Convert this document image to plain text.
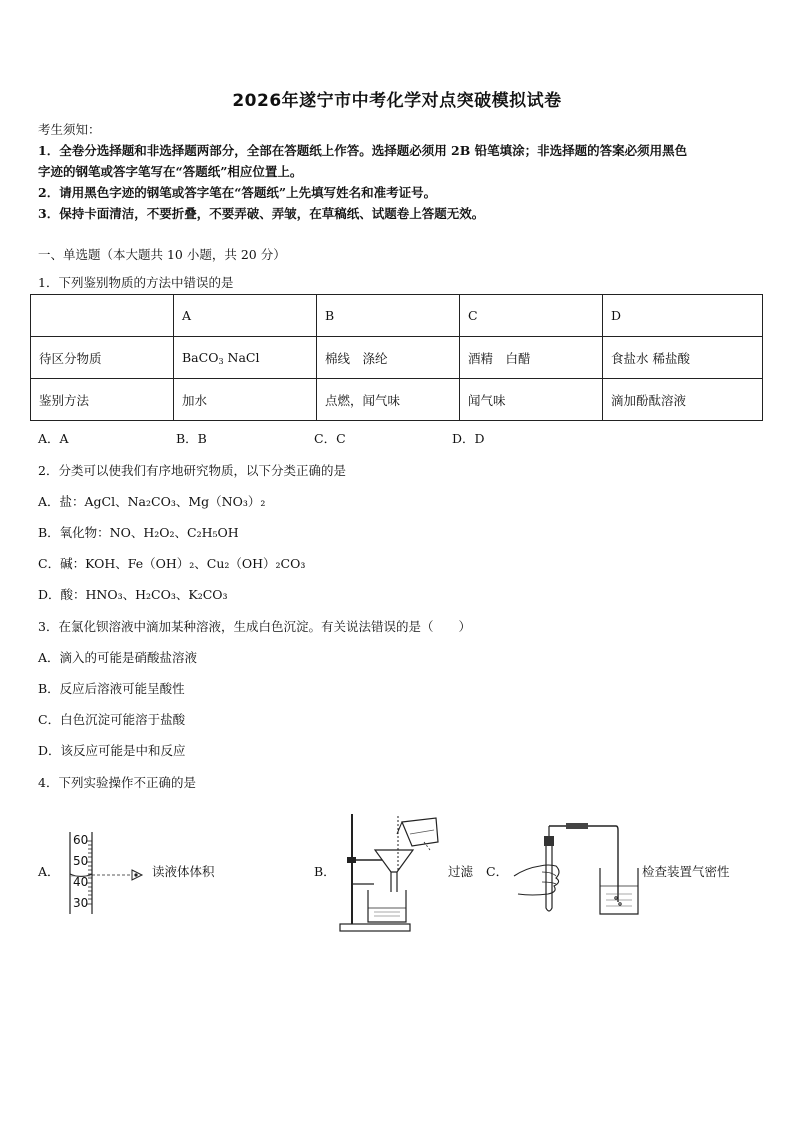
2026年遂宁市中考化学对点突破模拟试卷
考生须知：
1．全卷分选择题和非选择题两部分，全部在答题纸上作答。选择题必须用 2B 铅笔填涂；非选择题的答案必须用黑色
字迹的钢笔或答字笔写在“答题纸”相应位置上。
2．请用黑色字迹的钢笔或答字笔在“答题纸”上先填写姓名和准考证号。
3．保持卡面清洁，不要折叠，不要弄破、弄皱，在草稿纸、试题卷上答题无效。
一、单选题（本大题共 10 小题，共 20 分）
1．下列鉴别物质的方法中错误的是
	A	B	C	D
待区分物质	BaCO$_3$ NaCl	棉线　涤纶	酒精　白醋	食盐水 稀盐酸
鉴别方法	加水	点燃，闻气味	闻气味	滴加酚酞溶液
A．A	B．B	C．C	D．D
2．分类可以使我们有序地研究物质，以下分类正确的是
A．盐：AgCl、Na₂CO₃、Mg（NO₃）₂
B．氧化物：NO、H₂O₂、C₂H₅OH
C．碱：KOH、Fe（OH）₂、Cu₂（OH）₂CO₃
D．酸：HNO₃、H₂CO₃、K₂CO₃
3．在氯化钡溶液中滴加某种溶液，生成白色沉淀。有关说法错误的是（　　）
A．滴入的可能是硝酸盐溶液
B．反应后溶液可能呈酸性
C．白色沉淀可能溶于盐酸
D．该反应可能是中和反应
4．下列实验操作不正确的是
A．
60
50
40
30
读液体体积	B．	过滤 C．	检查装置气密性
